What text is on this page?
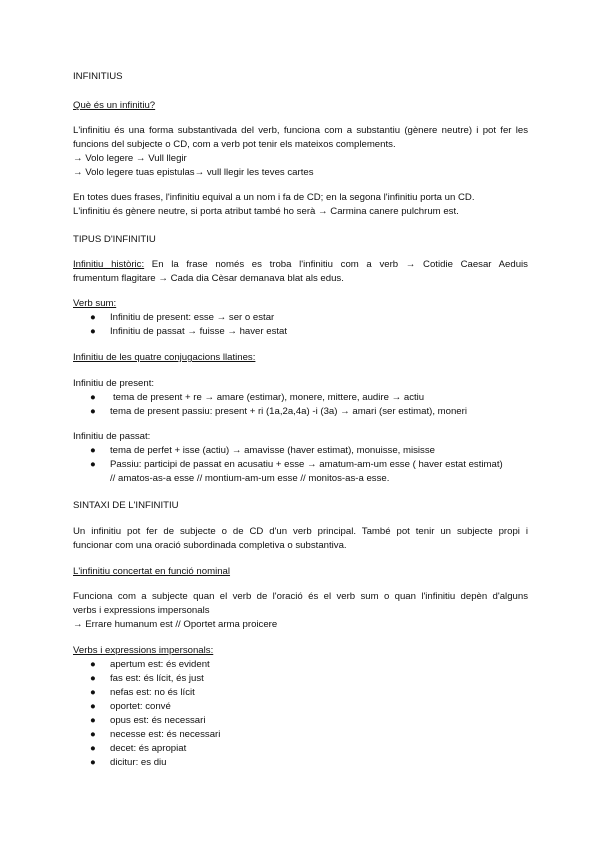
INFINITIUS
Què és un infinitiu?
L'infinitiu és una forma substantivada del verb, funciona com a substantiu (gènere neutre) i pot fer les
funcions del subjecte o CD, com a verb pot tenir els mateixos complements.
→ Volo legere → Vull llegir
→ Volo legere tuas epistulas→ vull llegir les teves cartes
En totes dues frases, l'infinitiu equival a un nom i fa de CD; en la segona l'infinitiu porta un CD.
L'infinitiu és gènere neutre, si porta atribut també ho serà → Carmina canere pulchrum est.
TIPUS D'INFINITIU
Infinitiu històric: En la frase només es troba l'infinitiu com a verb → Cotidie Caesar Aeduis
frumentum flagitare → Cada dia Cèsar demanava blat als edus.
Verb sum:
● Infinitiu de present: esse → ser o estar
● Infinitiu de passat → fuisse → haver estat
Infinitiu de les quatre conjugacions llatines:
Infinitiu de present:
● tema de present + re → amare (estimar), monere, mittere, audire → actiu
● tema de present passiu: present + ri (1a,2a,4a) -i (3a) → amari (ser estimat), moneri
Infinitiu de passat:
● tema de perfet + isse (actiu) → amavisse (haver estimat), monuisse, misisse
● Passiu: participi de passat en acusatiu + esse → amatum-am-um esse ( haver estat estimat)
// amatos-as-a esse // montium-am-um esse // monitos-as-a esse.
SINTAXI DE L'INFINITIU
Un infinitiu pot fer de subjecte o de CD d'un verb principal. També pot tenir un subjecte propi i
funcionar com una oració subordinada completiva o substantiva.
L'infinitiu concertat en funció nominal
Funciona com a subjecte quan el verb de l'oració és el verb sum o quan l'infinitiu depèn d'alguns
verbs i expressions impersonals
→ Errare humanum est // Oportet arma proicere
Verbs i expressions impersonals:
● apertum est: és evident
● fas est: és lícit, és just
● nefas est: no és lícit
● oportet: convé
● opus est: és necessari
● necesse est: és necessari
● decet: és apropiat
● dicitur: es diu
